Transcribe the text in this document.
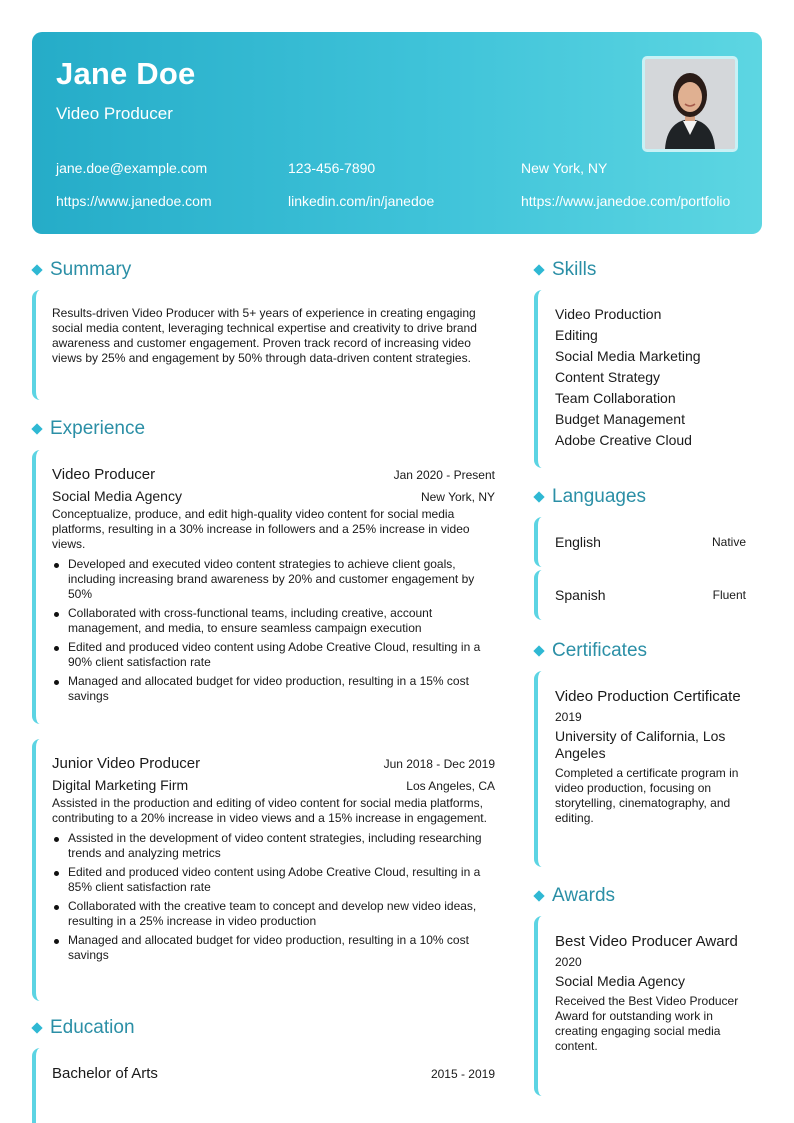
Jane Doe
Video Producer
jane.doe@example.com	123-456-7890	New York, NY
https://www.janedoe.com	linkedin.com/in/janedoe	https://www.janedoe.com/portfolio
Summary
Results-driven Video Producer with 5+ years of experience in creating engaging social media content, leveraging technical expertise and creativity to drive brand awareness and customer engagement. Proven track record of increasing video views by 25% and engagement by 50% through data-driven content strategies.
Experience
Video Producer	Jan 2020 - Present
Social Media Agency	New York, NY
Conceptualize, produce, and edit high-quality video content for social media platforms, resulting in a 30% increase in followers and a 25% increase in video views.
Developed and executed video content strategies to achieve client goals, including increasing brand awareness by 20% and customer engagement by 50%
Collaborated with cross-functional teams, including creative, account management, and media, to ensure seamless campaign execution
Edited and produced video content using Adobe Creative Cloud, resulting in a 90% client satisfaction rate
Managed and allocated budget for video production, resulting in a 15% cost savings
Junior Video Producer	Jun 2018 - Dec 2019
Digital Marketing Firm	Los Angeles, CA
Assisted in the production and editing of video content for social media platforms, contributing to a 20% increase in video views and a 15% increase in engagement.
Assisted in the development of video content strategies, including researching trends and analyzing metrics
Edited and produced video content using Adobe Creative Cloud, resulting in a 85% client satisfaction rate
Collaborated with the creative team to concept and develop new video ideas, resulting in a 25% increase in video production
Managed and allocated budget for video production, resulting in a 10% cost savings
Education
Bachelor of Arts	2015 - 2019
Skills
Video Production
Editing
Social Media Marketing
Content Strategy
Team Collaboration
Budget Management
Adobe Creative Cloud
Languages
English	Native
Spanish	Fluent
Certificates
Video Production Certificate
2019
University of California, Los Angeles
Completed a certificate program in video production, focusing on storytelling, cinematography, and editing.
Awards
Best Video Producer Award
2020
Social Media Agency
Received the Best Video Producer Award for outstanding work in creating engaging social media content.
